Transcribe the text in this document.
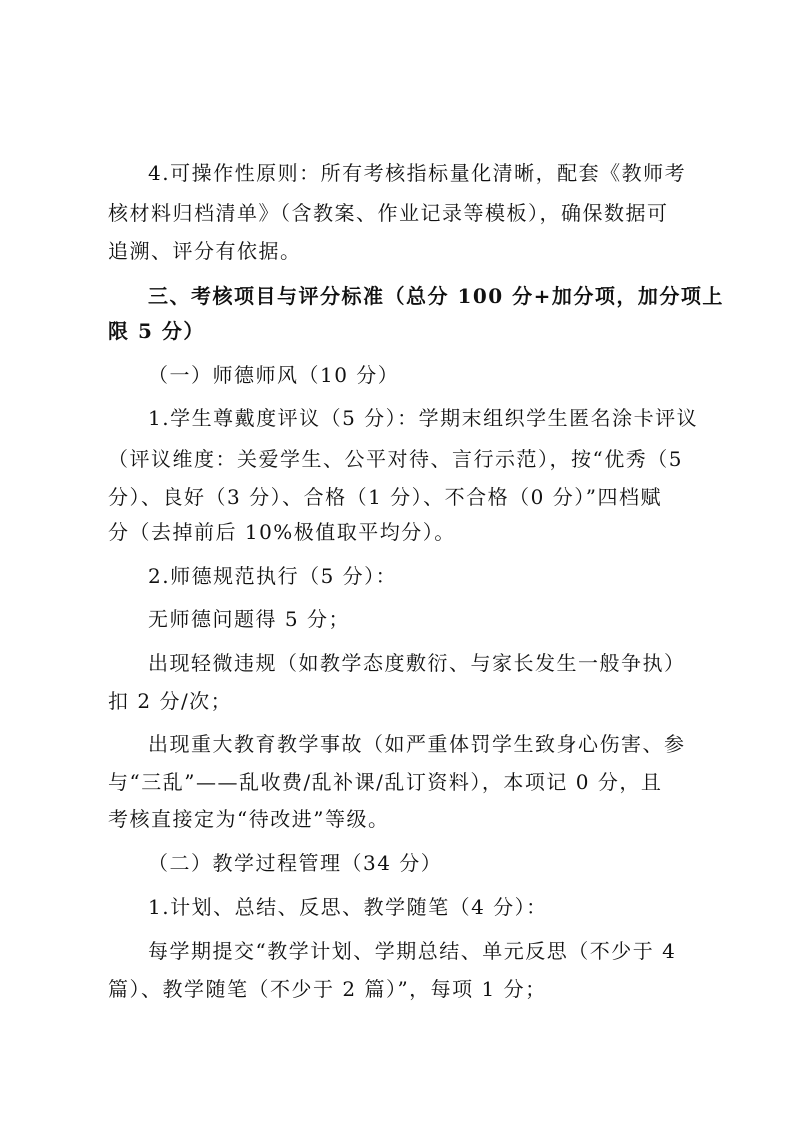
4.可操作性原则：所有考核指标量化清晰，配套《教师考
核材料归档清单》（含教案、作业记录等模板），确保数据可
追溯、评分有依据。
三、考核项目与评分标准（总分 100 分+加分项，加分项上
限 5 分）
（一）师德师风（10 分）
1.学生尊戴度评议（5 分）：学期末组织学生匿名涂卡评议
（评议维度：关爱学生、公平对待、言行示范），按“优秀（5
分）、良好（3 分）、合格（1 分）、不合格（0 分）”四档赋
分（去掉前后 10%极值取平均分）。
2.师德规范执行（5 分）：
无师德问题得 5 分；
出现轻微违规（如教学态度敷衍、与家长发生一般争执）
扣 2 分/次；
出现重大教育教学事故（如严重体罚学生致身心伤害、参
与“三乱”——乱收费/乱补课/乱订资料），本项记 0 分，且
考核直接定为“待改进”等级。
（二）教学过程管理（34 分）
1.计划、总结、反思、教学随笔（4 分）：
每学期提交“教学计划、学期总结、单元反思（不少于 4
篇）、教学随笔（不少于 2 篇）”，每项 1 分；
